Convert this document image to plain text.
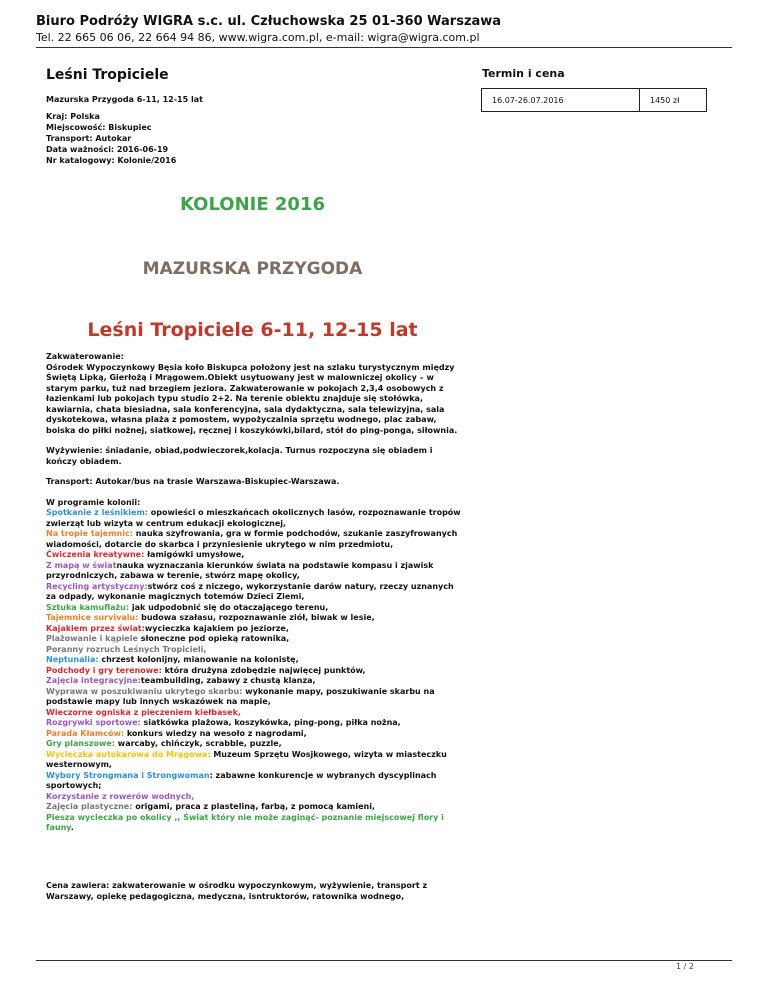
Biuro Podróży WIGRA s.c. ul. Człuchowska 25 01-360 Warszawa
Tel. 22 665 06 06, 22 664 94 86, www.wigra.com.pl, e-mail: wigra@wigra.com.pl
Leśni Tropiciele
Mazurska Przygoda 6-11, 12-15 lat
Kraj: Polska
Miejscowość: Biskupiec
Transport: Autokar
Data ważności: 2016-06-19
Nr katalogowy: Kolonie/2016
Termin i cena
16.07-26.07.2016	1450 zł
KOLONIE 2016
MAZURSKA PRZYGODA
Leśni Tropiciele 6-11, 12-15 lat

Zakwaterowanie:

Ośrodek Wypoczynkowy Bęsia koło Biskupca położony jest na szlaku turystycznym między Świętą Lipką, Gierłożą i Mrągowem.Obiekt usytuowany jest w malowniczej okolicy – w starym parku, tuż nad brzegiem jeziora. Zakwaterowanie w pokojach 2,3,4 osobowych z łazienkami lub pokojach typu studio 2+2. Na terenie obiektu znajduje się stołówka, kawiarnia, chata biesiadna, sala konferencyjna, sala dydaktyczna, sala telewizyjna, sala dyskotekowa, własna plaża z pomostem, wypożyczalnia sprzętu wodnego, plac zabaw, boiska do piłki nożnej, siatkowej, ręcznej i koszykówki,bilard, stół do ping-ponga, siłownia.

Wyżywienie: śniadanie, obiad,podwieczorek,kolacja. Turnus rozpoczyna się obiadem i kończy obiadem.

Transport: Autokar/bus na trasie Warszawa-Biskupiec-Warszawa.

W programie kolonii:

Spotkanie z leśnikiem: opowieści o mieszkańcach okolicznych lasów, rozpoznawanie tropów zwierząt lub wizyta w centrum edukacji ekologicznej,
Na tropie tajemnic: nauka szyfrowania, gra w formie podchodów, szukanie zaszyfrowanych wiadomości, dotarcie do skarbca i przyniesienie ukrytego w nim przedmiotu,
Ćwiczenia kreatywne: łamigówki umysłowe,
Z mapą w światnauka wyznaczania kierunków świata na podstawie kompasu i zjawisk przyrodniczych, zabawa w terenie, stwórz mapę okolicy,
Recycling artystyczny:stwórz coś z niczego, wykorzystanie darów natury, rzeczy uznanych za odpady, wykonanie magicznych totemów Dzieci Ziemi,
Sztuka kamuflażu: jak udpodobnić się do otaczającego terenu,
Tajemnice survivalu: budowa szałasu, rozpoznawanie ziół, biwak w lesie,
Kajakiem przez świat:wycieczka kajakiem po jeziorze,
Plażowanie i kąpiele słoneczne pod opieką ratownika,
Poranny rozruch Leśnych Tropicieli,
Neptunalia: chrzest kolonijny, mianowanie na kolonistę,
Podchody i gry terenowe: która drużyna zdobędzie najwięcej punktów,
Zajęcia integracyjne:teambuilding, zabawy z chustą klanza,
Wyprawa w poszukiwaniu ukrytego skarbu: wykonanie mapy, poszukiwanie skarbu na podstawie mapy lub innych wskazówek na mapie,
Wieczorne ogniska z pieczeniem kiełbasek,
Rozgrywki sportowe: siatkówka plażowa, koszykówka, ping-pong, piłka nożna,
Parada Kłamców: konkurs wiedzy na wesoło z nagrodami,
Gry planszowe: warcaby, chińczyk, scrabble, puzzle,
Wycieczka autokarowa do Mrągowa: Muzeum Sprzętu Wosjkowego, wizyta w miasteczku westernowym,
Wybory Strongmana i Strongwoman: zabawne konkurencje w wybranych dyscyplinach sportowych;
Korzystanie z rowerów wodnych,
Zajęcia plastyczne: origami, praca z plasteliną, farbą, z pomocą kamieni,
Piesza wycieczka po okolicy ,, Świat który nie może zaginąć- poznanie miejscowej flory i fauny.
Cena zawiera: zakwaterowanie w ośrodku wypoczynkowym, wyżywienie, transport z Warszawy, opiekę pedagogiczna, medyczna, isntruktorów, ratownika wodnego,
1 / 2
